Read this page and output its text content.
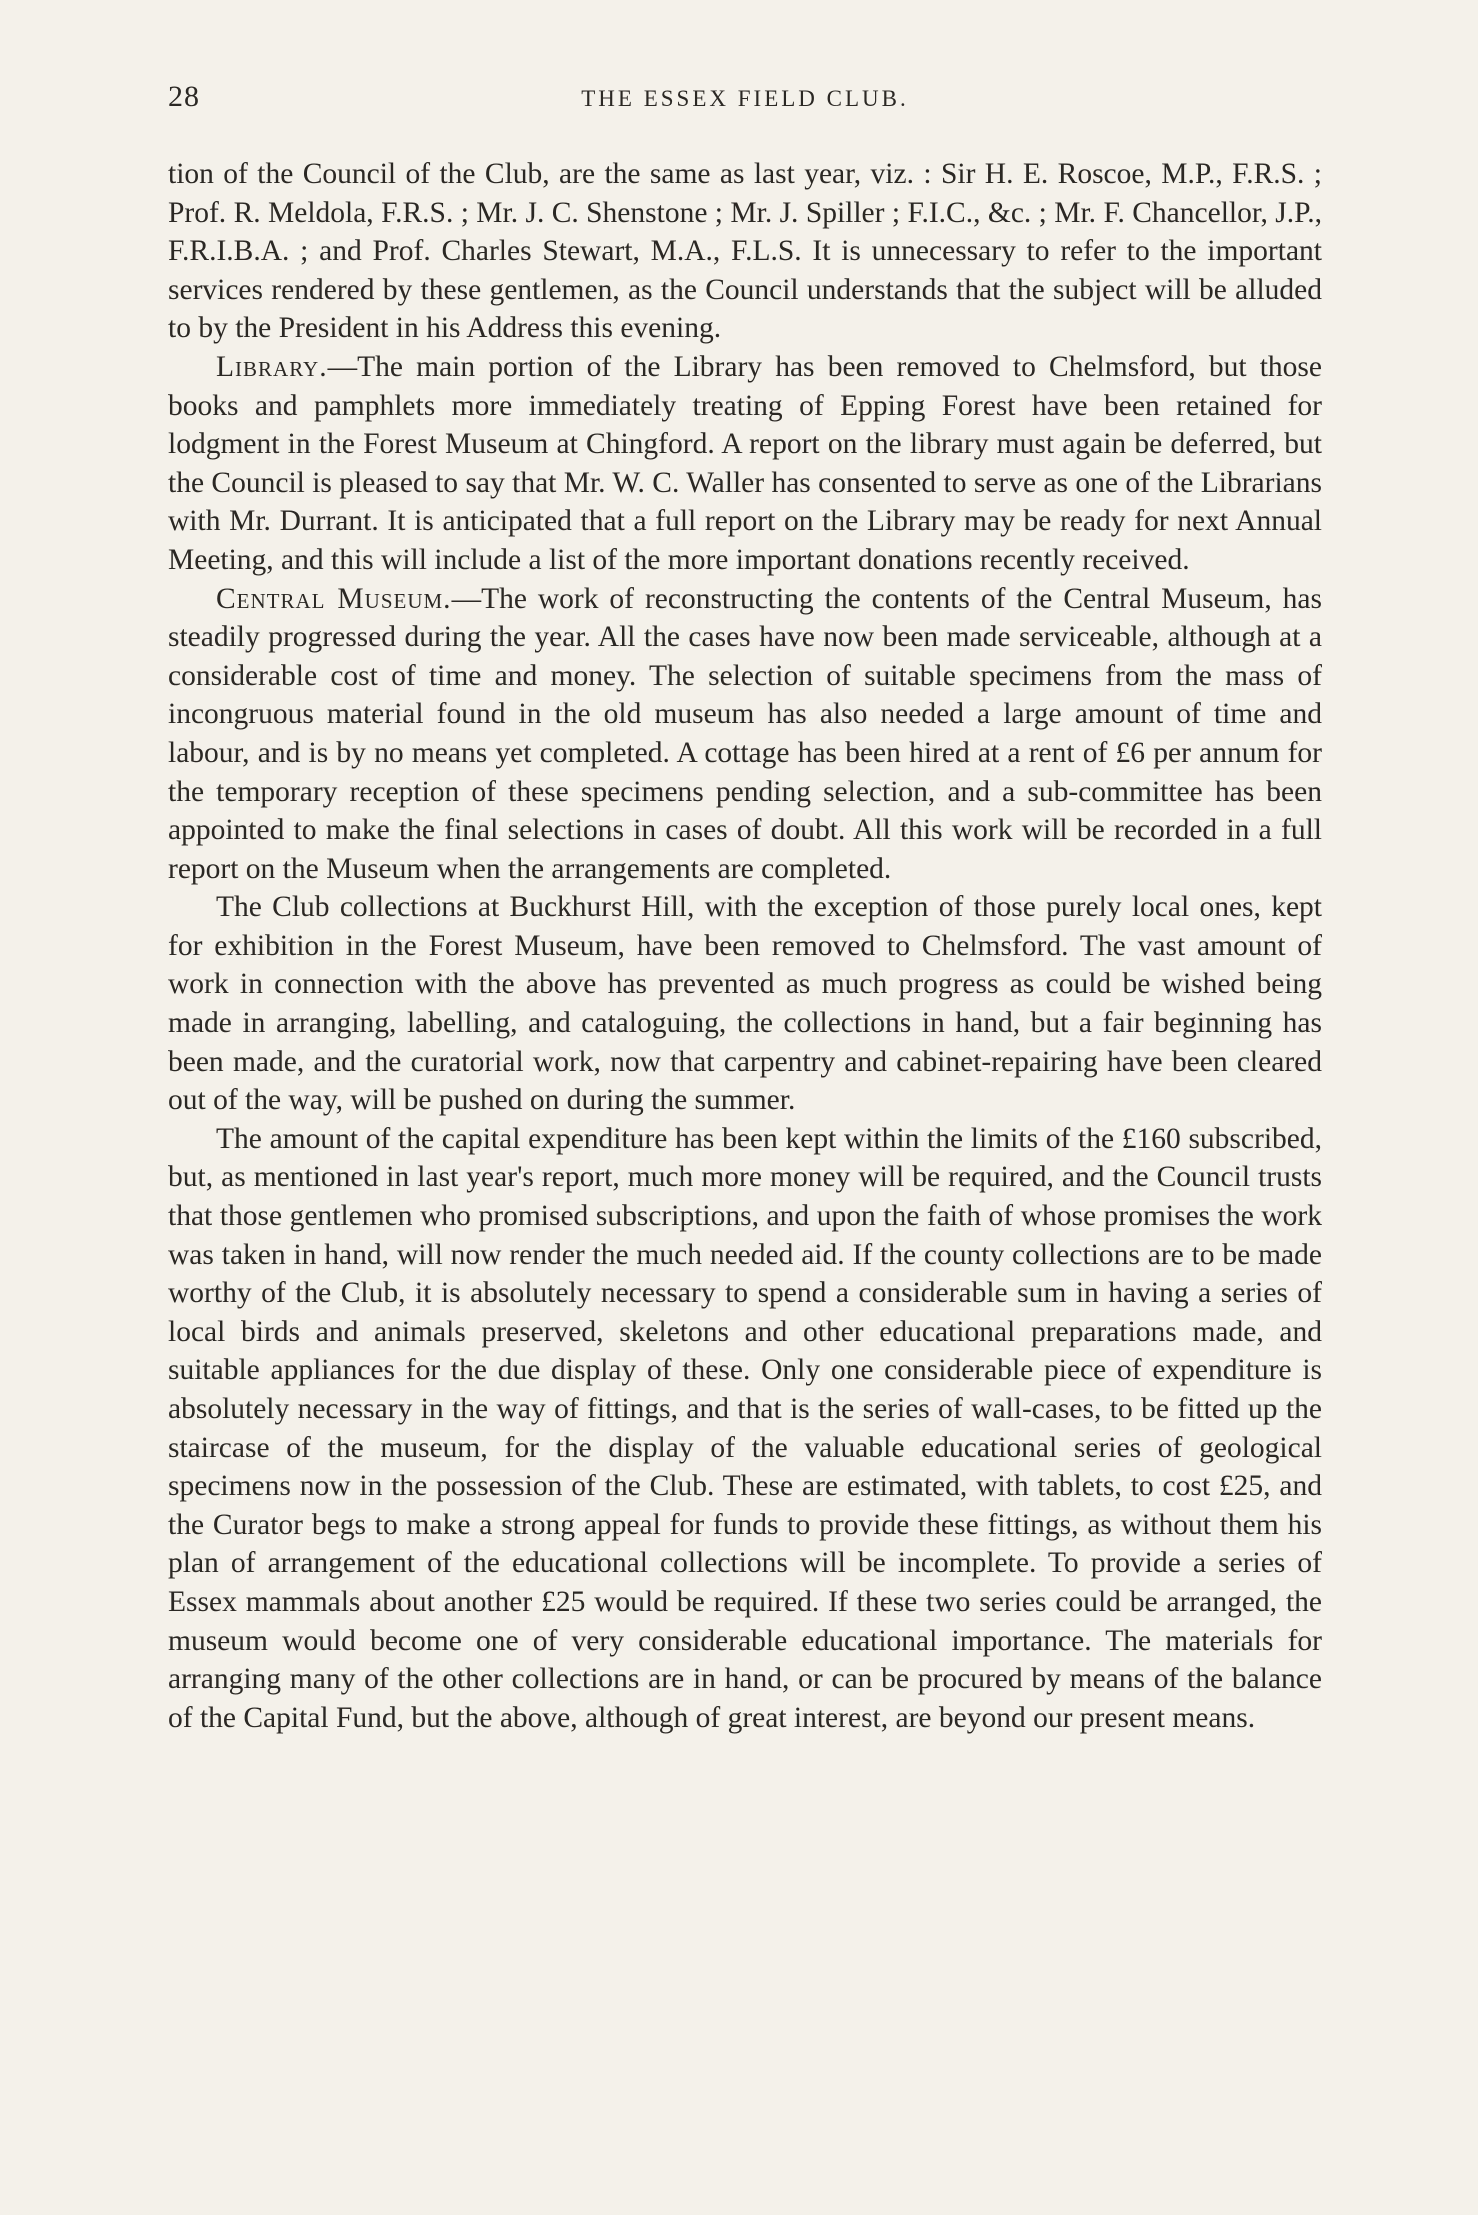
28	THE ESSEX FIELD CLUB.

tion of the Council of the Club, are the same as last year, viz. : Sir H. E. Roscoe, M.P., F.R.S. ; Prof. R. Meldola, F.R.S. ; Mr. J. C. Shenstone ; Mr. J. Spiller ; F.I.C., &c. ; Mr. F. Chancellor, J.P., F.R.I.B.A. ; and Prof. Charles Stewart, M.A., F.L.S. It is unnecessary to refer to the important services rendered by these gentlemen, as the Council understands that the subject will be alluded to by the President in his Address this evening.

Library.—The main portion of the Library has been removed to Chelmsford, but those books and pamphlets more immediately treating of Epping Forest have been retained for lodgment in the Forest Museum at Chingford. A report on the library must again be deferred, but the Council is pleased to say that Mr. W. C. Waller has consented to serve as one of the Librarians with Mr. Durrant. It is anticipated that a full report on the Library may be ready for next Annual Meeting, and this will include a list of the more important donations recently received.

Central Museum.—The work of reconstructing the contents of the Central Museum, has steadily progressed during the year. All the cases have now been made serviceable, although at a considerable cost of time and money. The selection of suitable specimens from the mass of incongruous material found in the old museum has also needed a large amount of time and labour, and is by no means yet completed. A cottage has been hired at a rent of £6 per annum for the temporary reception of these specimens pending selection, and a sub-committee has been appointed to make the final selections in cases of doubt. All this work will be recorded in a full report on the Museum when the arrangements are completed.

The Club collections at Buckhurst Hill, with the exception of those purely local ones, kept for exhibition in the Forest Museum, have been removed to Chelmsford. The vast amount of work in connection with the above has prevented as much progress as could be wished being made in arranging, labelling, and cataloguing, the collections in hand, but a fair beginning has been made, and the curatorial work, now that carpentry and cabinet-repairing have been cleared out of the way, will be pushed on during the summer.

The amount of the capital expenditure has been kept within the limits of the £160 subscribed, but, as mentioned in last year's report, much more money will be required, and the Council trusts that those gentlemen who promised subscriptions, and upon the faith of whose promises the work was taken in hand, will now render the much needed aid. If the county collections are to be made worthy of the Club, it is absolutely necessary to spend a considerable sum in having a series of local birds and animals preserved, skeletons and other educational preparations made, and suitable appliances for the due display of these. Only one considerable piece of expenditure is absolutely necessary in the way of fittings, and that is the series of wall-cases, to be fitted up the staircase of the museum, for the display of the valuable educational series of geological specimens now in the possession of the Club. These are estimated, with tablets, to cost £25, and the Curator begs to make a strong appeal for funds to provide these fittings, as without them his plan of arrangement of the educational collections will be incomplete. To provide a series of Essex mammals about another £25 would be required. If these two series could be arranged, the museum would become one of very considerable educational importance. The materials for arranging many of the other collections are in hand, or can be procured by means of the balance of the Capital Fund, but the above, although of great interest, are beyond our present means.
